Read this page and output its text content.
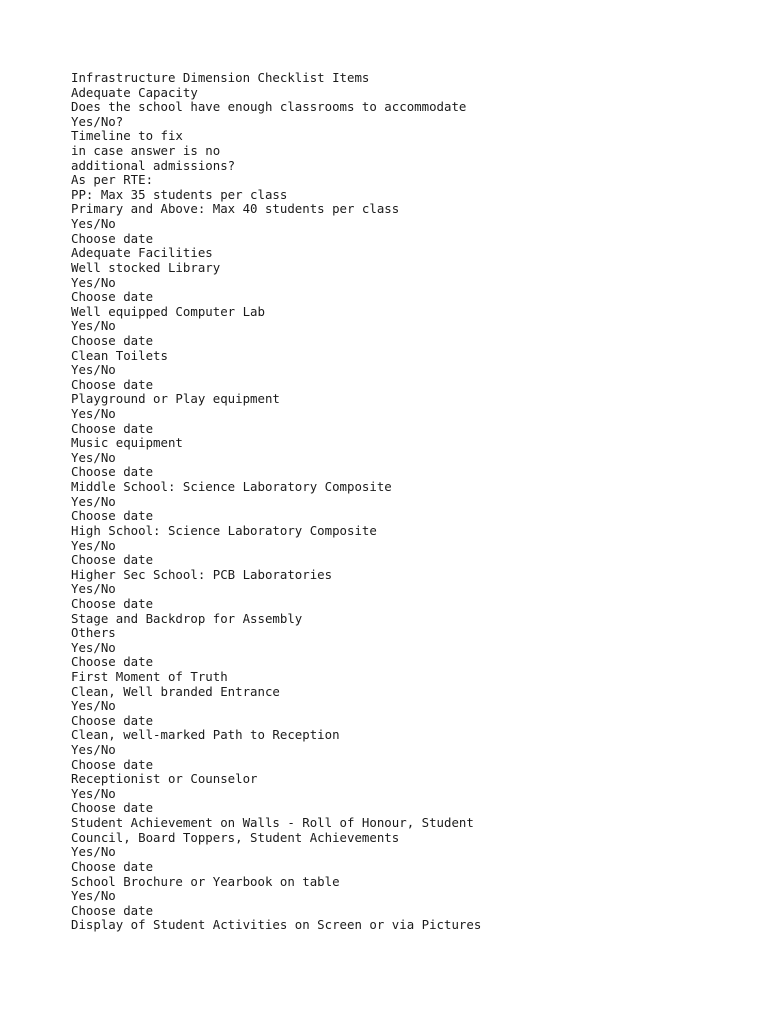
Infrastructure Dimension Checklist Items
Adequate Capacity
Does the school have enough classrooms to accommodate
Yes/No?
Timeline to fix
in case answer is no
additional admissions?
As per RTE:
PP: Max 35 students per class
Primary and Above: Max 40 students per class
Yes/No
Choose date
Adequate Facilities
Well stocked Library
Yes/No
Choose date
Well equipped Computer Lab
Yes/No
Choose date
Clean Toilets
Yes/No
Choose date
Playground or Play equipment
Yes/No
Choose date
Music equipment
Yes/No
Choose date
Middle School: Science Laboratory Composite
Yes/No
Choose date
High School: Science Laboratory Composite
Yes/No
Choose date
Higher Sec School: PCB Laboratories
Yes/No
Choose date
Stage and Backdrop for Assembly
Others
Yes/No
Choose date
First Moment of Truth
Clean, Well branded Entrance
Yes/No
Choose date
Clean, well-marked Path to Reception
Yes/No
Choose date
Receptionist or Counselor
Yes/No
Choose date
Student Achievement on Walls - Roll of Honour, Student
Council, Board Toppers, Student Achievements
Yes/No
Choose date
School Brochure or Yearbook on table
Yes/No
Choose date
Display of Student Activities on Screen or via Pictures
